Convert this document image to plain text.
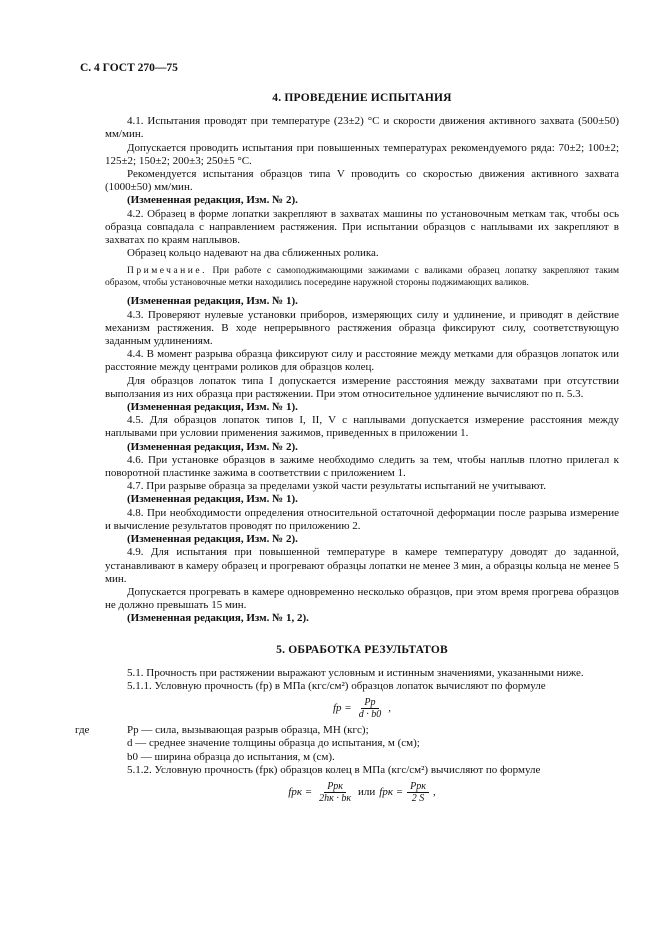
С. 4 ГОСТ 270—75
4. ПРОВЕДЕНИЕ ИСПЫТАНИЯ

4.1. Испытания проводят при температуре (23±2) °С и скорости движения активного захвата (500±50) мм/мин.

Допускается проводить испытания при повышенных температурах рекомендуемого ряда: 70±2; 100±2; 125±2; 150±2; 200±3; 250±5 °С.

Рекомендуется испытания образцов типа V проводить со скоростью движения активного захвата (1000±50) мм/мин.

(Измененная редакция, Изм. № 2).

4.2. Образец в форме лопатки закрепляют в захватах машины по установочным меткам так, чтобы ось образца совпадала с направлением растяжения. При испытании образцов с наплывами их закрепляют в захватах по краям наплывов.

Образец кольцо надевают на два сближенных ролика.

Примечание. При работе с самоподжимающими зажимами с валиками образец лопатку закрепляют таким образом, чтобы установочные метки находились посередине наружной стороны поджимающих валиков.

(Измененная редакция, Изм. № 1).

4.3. Проверяют нулевые установки приборов, измеряющих силу и удлинение, и приводят в действие механизм растяжения. В ходе непрерывного растяжения образца фиксируют силу, соответствующую заданным удлинениям.

4.4. В момент разрыва образца фиксируют силу и расстояние между метками для образцов лопаток или расстояние между центрами роликов для образцов колец.

Для образцов лопаток типа I допускается измерение расстояния между захватами при отсутствии выползания из них образца при растяжении. При этом относительное удлинение вычисляют по п. 5.3.

(Измененная редакция, Изм. № 1).

4.5. Для образцов лопаток типов I, II, V с наплывами допускается измерение расстояния между наплывами при условии применения зажимов, приведенных в приложении 1.

(Измененная редакция, Изм. № 2).

4.6. При установке образцов в зажиме необходимо следить за тем, чтобы наплыв плотно прилегал к поворотной пластинке зажима в соответствии с приложением 1.

4.7. При разрыве образца за пределами узкой части результаты испытаний не учитывают.

(Измененная редакция, Изм. № 1).

4.8. При необходимости определения относительной остаточной деформации после разрыва измерение и вычисление результатов проводят по приложению 2.

(Измененная редакция, Изм. № 2).

4.9. Для испытания при повышенной температуре в камере температуру доводят до заданной, устанавливают в камеру образец и прогревают образцы лопатки не менее 3 мин, а образцы кольца не менее 5 мин.

Допускается прогревать в камере одновременно несколько образцов, при этом время прогрева образцов не должно превышать 15 мин.

(Измененная редакция, Изм. № 1, 2).

5. ОБРАБОТКА РЕЗУЛЬТАТОВ

5.1. Прочность при растяжении выражают условным и истинным значениями, указанными ниже.

5.1.1. Условную прочность (fp) в МПа (кгс/см²) образцов лопаток вычисляют по формуле

fp = $\frac{Pp}{d \cdot b0}$ ,
где	Pp — сила, вызывающая разрыв образца, МН (кгс);
d — среднее значение толщины образца до испытания, м (см);
b0 — ширина образца до испытания, м (см).

5.1.2. Условную прочность (fpк) образцов колец в МПа (кгс/см²) вычисляют по формуле

fpк = $\frac{\text{Pрк}}{2hк \cdot bк}$ или fpк = $\frac{\text{Pрк}}{2 S}$ ,
